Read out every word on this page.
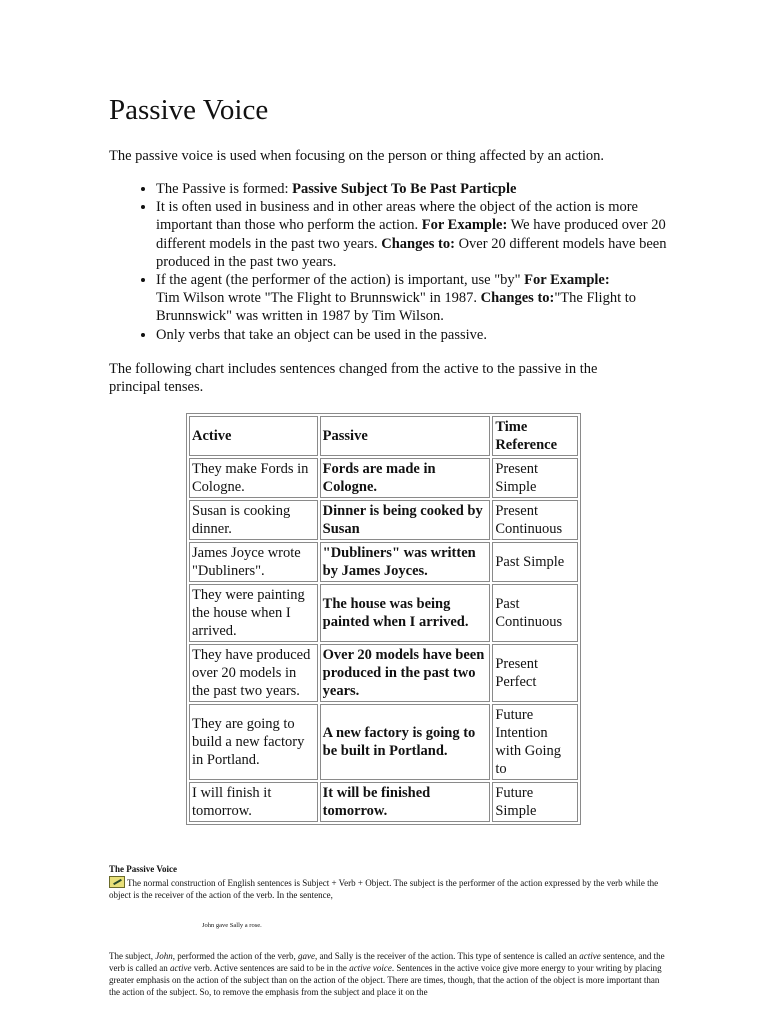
Passive Voice

The passive voice is used when focusing on the person or thing affected by an action.

• The Passive is formed: Passive Subject To Be Past Particple
• It is often used in business and in other areas where the object of the action is more important than those who perform the action. For Example: We have produced over 20 different models in the past two years. Changes to: Over 20 different models have been produced in the past two years.
• If the agent (the performer of the action) is important, use "by" For Example:
Tim Wilson wrote "The Flight to Brunnswick" in 1987. Changes to:"The Flight to Brunnswick" was written in 1987 by Tim Wilson.
• Only verbs that take an object can be used in the passive.

The following chart includes sentences changed from the active to the passive in the principal tenses.

Active	Passive	Time Reference
They make Fords in Cologne.	Fords are made in Cologne.	Present Simple
Susan is cooking dinner.	Dinner is being cooked by Susan	Present Continuous
James Joyce wrote "Dubliners".	"Dubliners" was written by James Joyces.	Past Simple
They were painting the house when I arrived.	The house was being painted when I arrived.	Past Continuous
They have produced over 20 models in the past two years.	Over 20 models have been produced in the past two years.	Present Perfect
They are going to build a new factory in Portland.	A new factory is going to be built in Portland.	Future Intention with Going to
I will finish it tomorrow.	It will be finished tomorrow.	Future Simple

The Passive Voice

The normal construction of English sentences is Subject + Verb + Object. The subject is the performer of the action expressed by the verb while the object is the receiver of the action of the verb. In the sentence,

John gave Sally a rose.

The subject, John, performed the action of the verb, gave, and Sally is the receiver of the action. This type of sentence is called an active sentence, and the verb is called an active verb. Active sentences are said to be in the active voice. Sentences in the active voice give more energy to your writing by placing greater emphasis on the action of the subject than on the action of the object. There are times, though, that the action of the object is more important than the action of the subject. So, to remove the emphasis from the subject and place it on the
